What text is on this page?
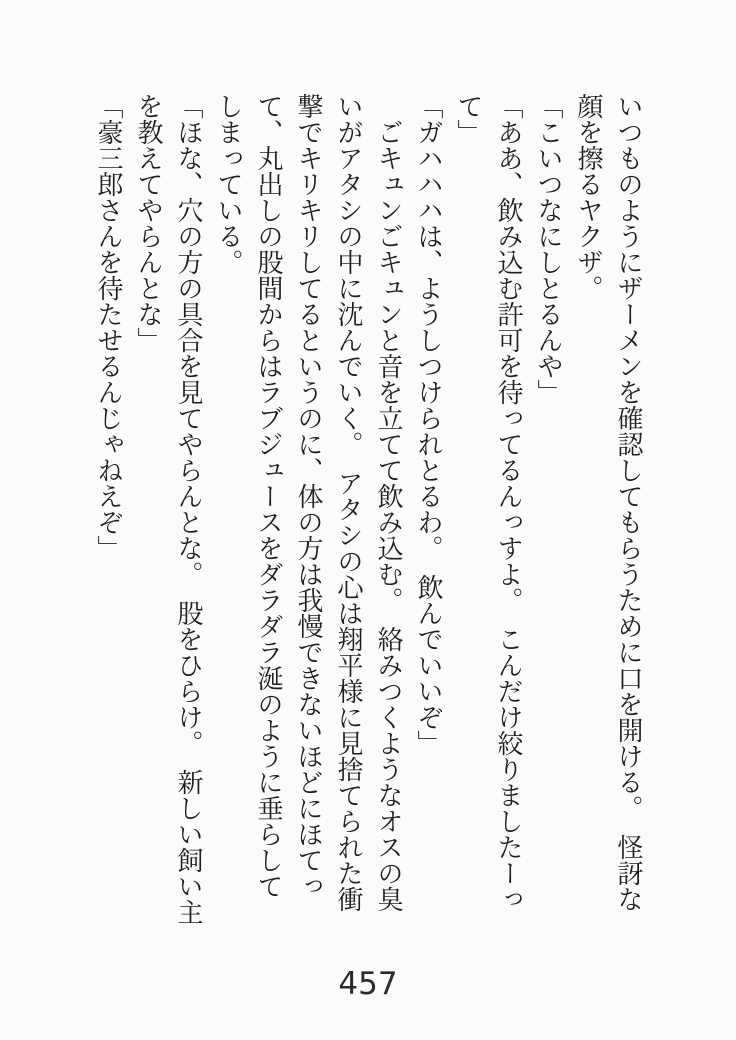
いつものようにザーメンを確認してもらうために口を開ける。　怪訝な

顔を擦るヤクザ。

「こいつなにしとるんや」

「ああ、飲み込む許可を待ってるんっすよ。　こんだけ絞りましたーっ

て」

「ガハハハは、ようしつけられとるわ。　飲んでいいぞ」

　ごキュンごキュンと音を立てて飲み込む。　絡みつくようなオスの臭

いがアタシの中に沈んでいく。　アタシの心は翔平様に見捨てられた衝

撃でキリキリしてるというのに、体の方は我慢できないほどにほてっ

て、丸出しの股間からはラブジュースをダラダラ涎のように垂らして

しまっている。

「ほな、穴の方の具合を見てやらんとな。　股をひらけ。　新しい飼い主

を教えてやらんとな」

「豪三郎さんを待たせるんじゃねえぞ」

457
